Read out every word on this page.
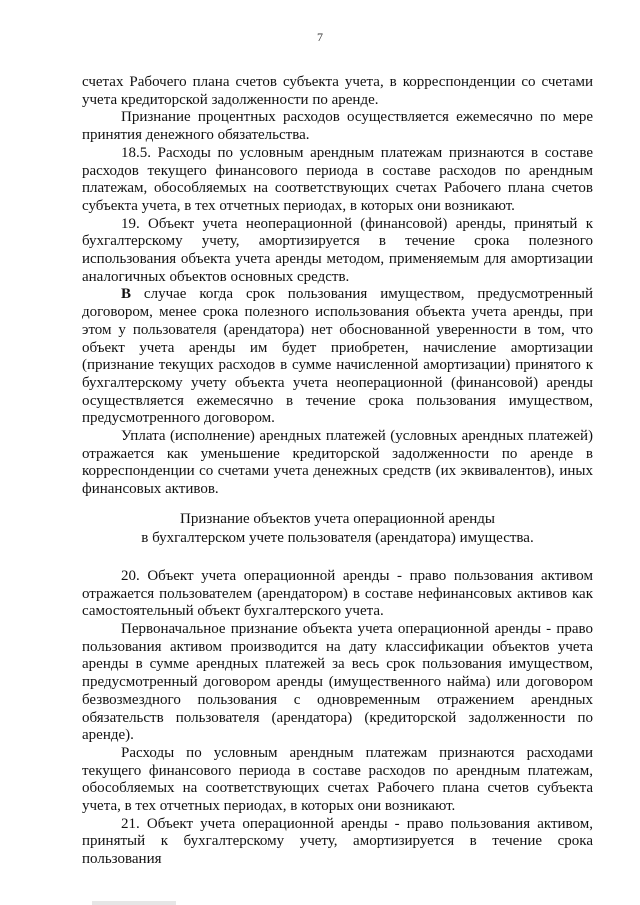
7

счетах Рабочего плана счетов субъекта учета, в корреспонденции со счетами учета кредиторской задолженности по аренде.

Признание процентных расходов осуществляется ежемесячно по мере принятия денежного обязательства.

18.5. Расходы по условным арендным платежам признаются в составе расходов текущего финансового периода в составе расходов по арендным платежам, обособляемых на соответствующих счетах Рабочего плана счетов субъекта учета, в тех отчетных периодах, в которых они возникают.

19. Объект учета неоперационной (финансовой) аренды, принятый к бухгалтерскому учету, амортизируется в течение срока полезного использования объекта учета аренды методом, применяемым для амортизации аналогичных объектов основных средств.

В случае когда срок пользования имуществом, предусмотренный договором, менее срока полезного использования объекта учета аренды, при этом у пользователя (арендатора) нет обоснованной уверенности в том, что объект учета аренды им будет приобретен, начисление амортизации (признание текущих расходов в сумме начисленной амортизации) принятого к бухгалтерскому учету объекта учета неоперационной (финансовой) аренды осуществляется ежемесячно в течение срока пользования имуществом, предусмотренного договором.

Уплата (исполнение) арендных платежей (условных арендных платежей) отражается как уменьшение кредиторской задолженности по аренде в корреспонденции со счетами учета денежных средств (их эквивалентов), иных финансовых активов.

Признание объектов учета операционной аренды
в бухгалтерском учете пользователя (арендатора) имущества.

20. Объект учета операционной аренды - право пользования активом отражается пользователем (арендатором) в составе нефинансовых активов как самостоятельный объект бухгалтерского учета.

Первоначальное признание объекта учета операционной аренды - право пользования активом производится на дату классификации объектов учета аренды в сумме арендных платежей за весь срок пользования имуществом, предусмотренный договором аренды (имущественного найма) или договором безвозмездного пользования с одновременным отражением арендных обязательств пользователя (арендатора) (кредиторской задолженности по аренде).

Расходы по условным арендным платежам признаются расходами текущего финансового периода в составе расходов по арендным платежам, обособляемых на соответствующих счетах Рабочего плана счетов субъекта учета, в тех отчетных периодах, в которых они возникают.

21. Объект учета операционной аренды - право пользования активом, принятый к бухгалтерскому учету, амортизируется в течение срока пользования
